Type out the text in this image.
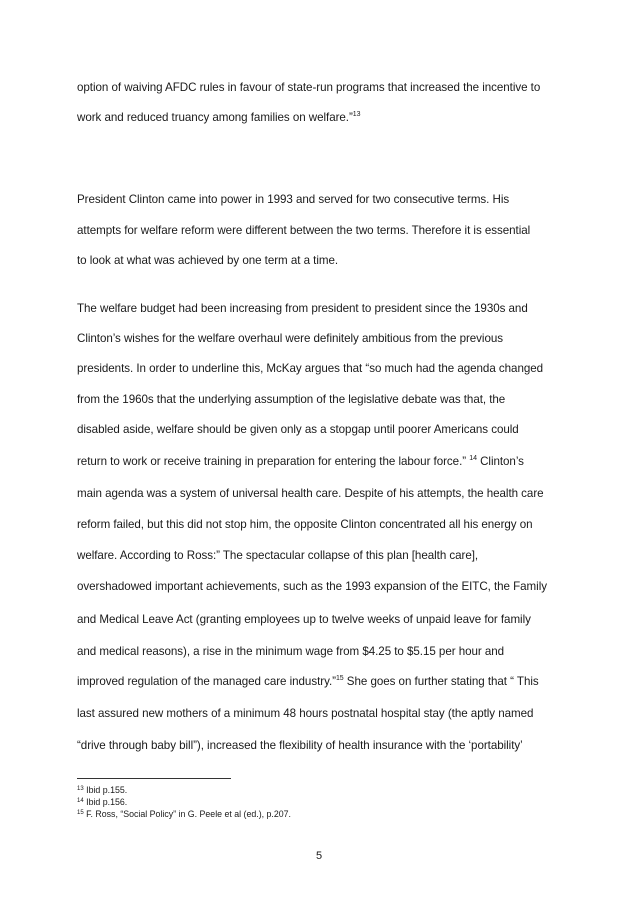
option of waiving AFDC rules in favour of state-run programs that increased the incentive to
work and reduced truancy among families on welfare.”$^{13}$
President Clinton came into power in 1993 and served for two consecutive terms. His
attempts for welfare reform were different between the two terms. Therefore it is essential
to look at what was achieved by one term at a time.
The welfare budget had been increasing from president to president since the 1930s and
Clinton’s wishes for the welfare overhaul were definitely ambitious from the previous
presidents. In order to underline this, McKay argues that “so much had the agenda changed
from the 1960s that the underlying assumption of the legislative debate was that, the
disabled aside, welfare should be given only as a stopgap until poorer Americans could
return to work or receive training in preparation for entering the labour force.” $^{14}$ Clinton’s
main agenda was a system of universal health care. Despite of his attempts, the health care
reform failed, but this did not stop him, the opposite Clinton concentrated all his energy on
welfare. According to Ross:” The spectacular collapse of this plan [health care],
overshadowed important achievements, such as the 1993 expansion of the EITC, the Family
and Medical Leave Act (granting employees up to twelve weeks of unpaid leave for family
and medical reasons), a rise in the minimum wage from $4.25 to $5.15 per hour and
improved regulation of the managed care industry.”$^{15}$ She goes on further stating that “ This
last assured new mothers of a minimum 48 hours postnatal hospital stay (the aptly named
“drive through baby bill”), increased the flexibility of health insurance with the ‘portability’
$^{13}$ Ibid p.155.
$^{14}$ Ibid p.156.
$^{15}$ F. Ross, “Social Policy” in G. Peele et al (ed.), p.207.
5
